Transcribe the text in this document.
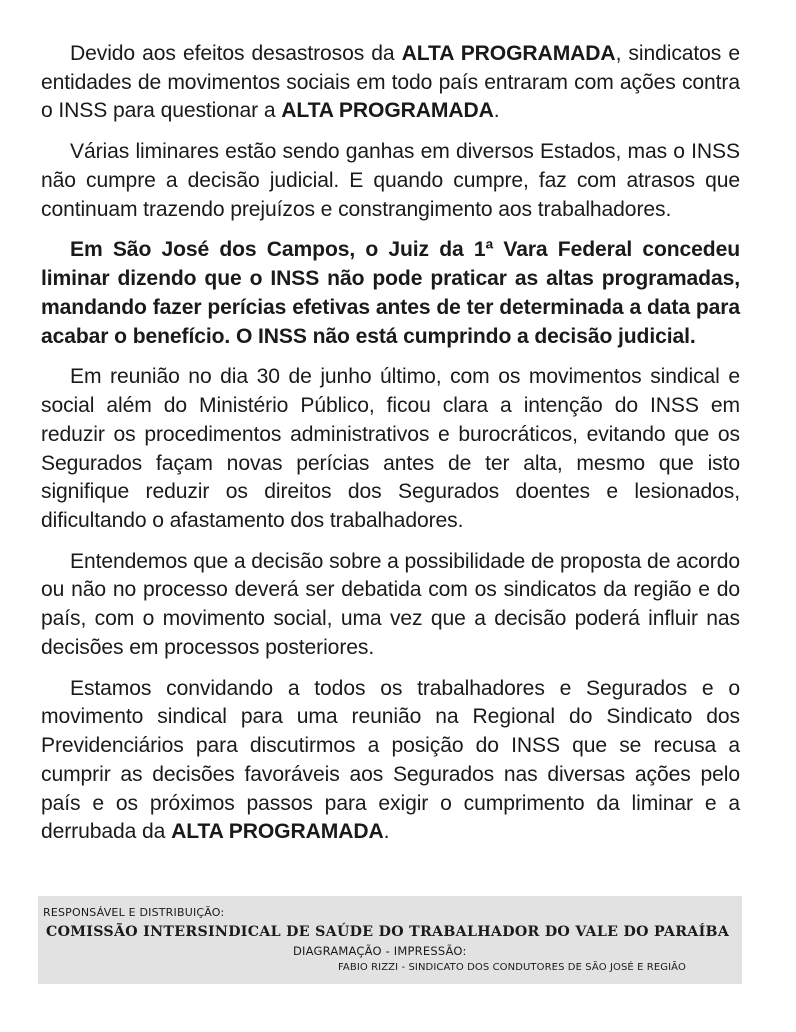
Devido aos efeitos desastrosos da ALTA PROGRAMADA, sindicatos e entidades de movimentos sociais em todo país entraram com ações contra o INSS para questionar a ALTA PROGRAMADA.

Várias liminares estão sendo ganhas em diversos Estados, mas o INSS não cumpre a decisão judicial. E quando cumpre, faz com atrasos que continuam trazendo prejuízos e constrangimento aos trabalhadores.

Em São José dos Campos, o Juiz da 1ª Vara Federal concedeu liminar dizendo que o INSS não pode praticar as altas programadas, mandando fazer perícias efetivas antes de ter determinada a data para acabar o benefício. O INSS não está cumprindo a decisão judicial.

Em reunião no dia 30 de junho último, com os movimentos sindical e social além do Ministério Público, ficou clara a intenção do INSS em reduzir os procedimentos administrativos e burocráticos, evitando que os Segurados façam novas perícias antes de ter alta, mesmo que isto signifique reduzir os direitos dos Segurados doentes e lesionados, dificultando o afastamento dos trabalhadores.

Entendemos que a decisão sobre a possibilidade de proposta de acordo ou não no processo deverá ser debatida com os sindicatos da região e do país, com o movimento social, uma vez que a decisão poderá influir nas decisões em processos posteriores.

Estamos convidando a todos os trabalhadores e Segurados e o movimento sindical para uma reunião na Regional do Sindicato dos Previdenciários para discutirmos a posição do INSS que se recusa a cumprir as decisões favoráveis aos Segurados nas diversas ações pelo país e os próximos passos para exigir o cumprimento da liminar e a derrubada da ALTA PROGRAMADA.

RESPONSÁVEL E DISTRIBUIÇÃO:
COMISSÃO INTERSINDICAL DE SAÚDE DO TRABALHADOR DO VALE DO PARAÍBA
DIAGRAMAÇÃO - IMPRESSÃO:
FABIO RIZZI - SINDICATO DOS CONDUTORES DE SÃO JOSÉ E REGIÃO
